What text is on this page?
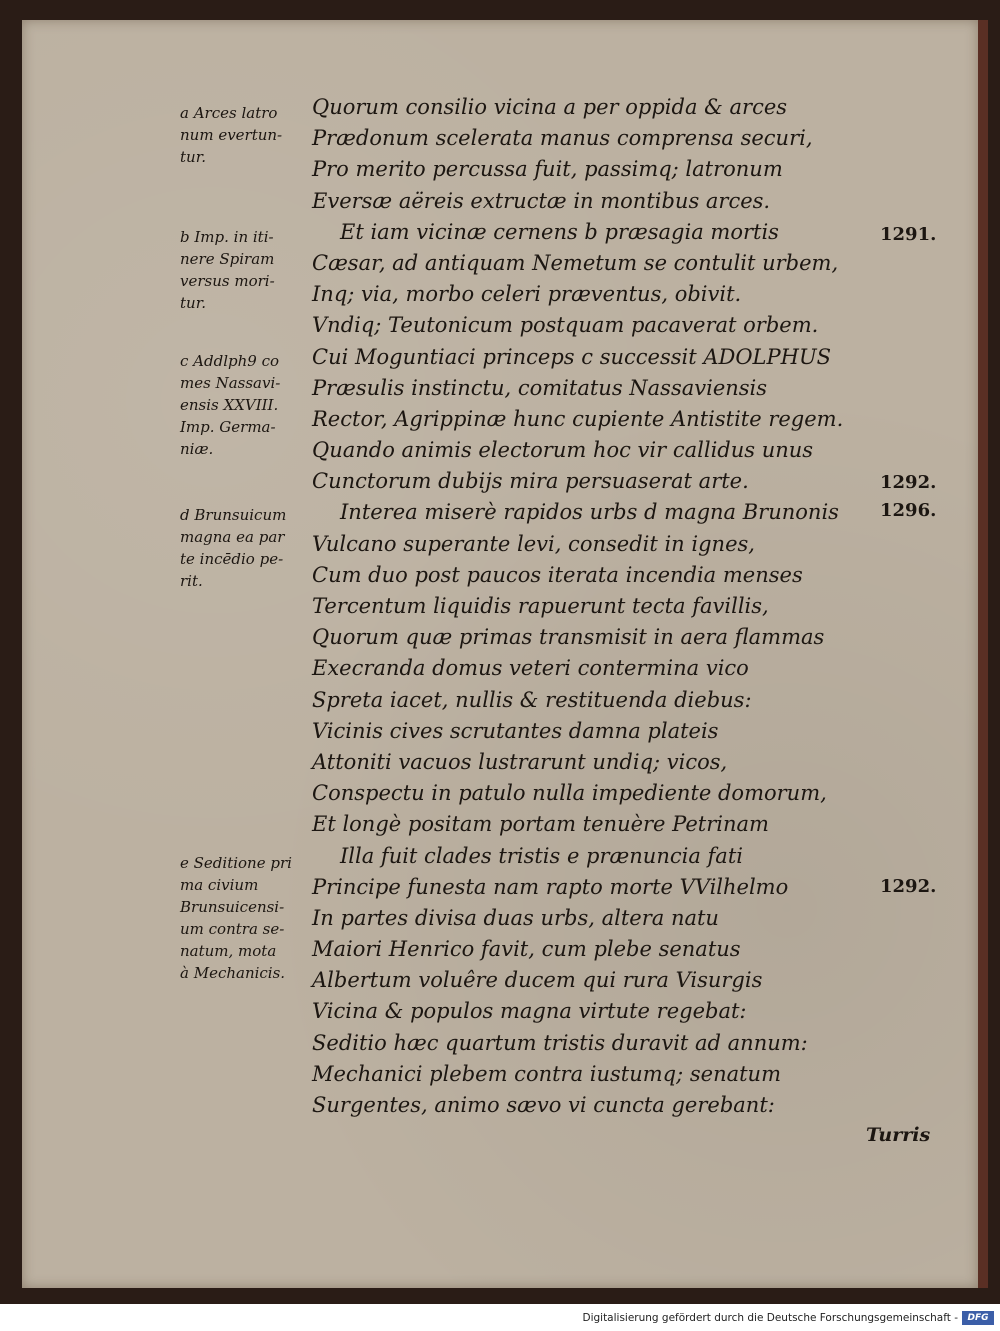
Quorum consilio vicina a per oppida & arces
Prædonum scelerata manus comprensa securi,
Pro merito percussa fuit, passimq; latronum
Eversæ aëreis extructæ in montibus arces.
Et iam vicinæ cernens b præsagia mortis
Cæsar, ad antiquam Nemetum se contulit urbem,
Inq; via, morbo celeri præventus, obivit.
Vndiq; Teutonicum postquam pacaverat orbem.
Cui Moguntiaci princeps c successit ADOLPHUS
Præsulis instinctu, comitatus Nassaviensis
Rector, Agrippinæ hunc cupiente Antistite regem.
Quando animis electorum hoc vir callidus unus
Cunctorum dubijs mira persuaserat arte.
Interea miserè rapidos urbs d magna Brunonis
Vulcano superante levi, consedit in ignes,
Cum duo post paucos iterata incendia menses
Tercentum liquidis rapuerunt tecta favillis,
Quorum quæ primas transmisit in aera flammas
Execranda domus veteri contermina vico
Spreta iacet, nullis & restituenda diebus:
Vicinis cives scrutantes damna plateis
Attoniti vacuos lustrarunt undiq; vicos,
Conspectu in patulo nulla impediente domorum,
Et longè positam portam tenuère Petrinam
Illa fuit clades tristis e prænuncia fati
Principe funesta nam rapto morte VVilhelmo
In partes divisa duas urbs, altera natu
Maiori Henrico favit, cum plebe senatus
Albertum voluêre ducem qui rura Visurgis
Vicina & populos magna virtute regebat:
Seditio hæc quartum tristis duravit ad annum:
Mechanici plebem contra iustumq; senatum
Surgentes, animo sævo vi cuncta gerebant:
a Arces latro
num evertun-
tur.
b Imp. in iti-
nere Spiram
versus mori-
tur.
c Addlph9 co
mes Nassavi-
ensis XXVIII.
Imp. Germa-
niæ.
d Brunsuicum
magna ea par
te incēdio pe-
rit.
e Seditione pri
ma civium
Brunsuicensi-
um contra se-
natum, mota
à Mechanicis.
1291.
1292.
1296.
1292.
Turris
Digitalisierung gefördert durch die Deutsche Forschungsgemeinschaft -	DFG
